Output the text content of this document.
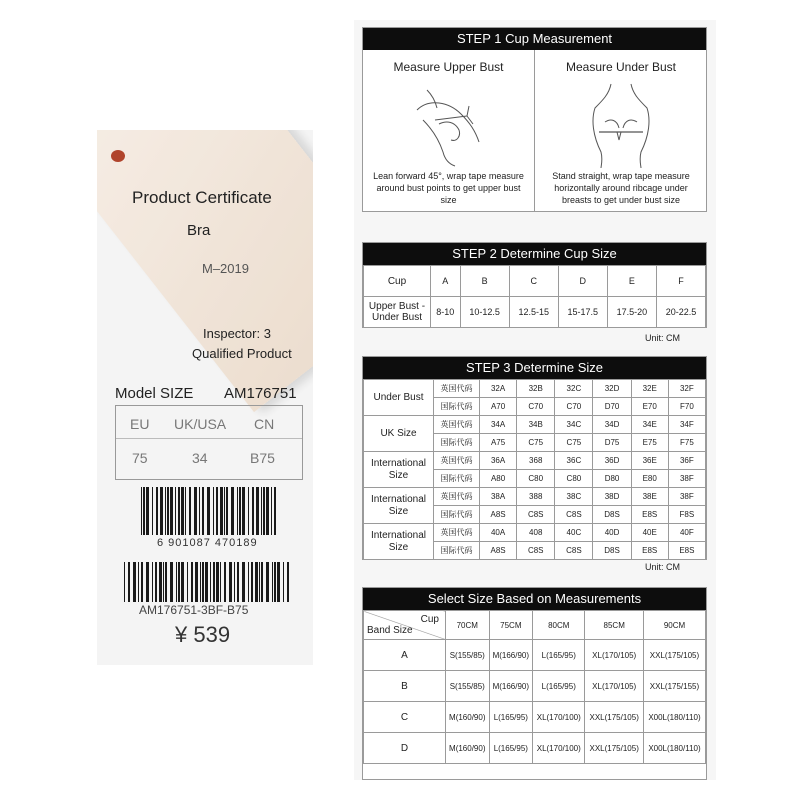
Product Certificate
Bra
M–2019
Inspector: 3
Qualified Product
Model SIZE AM176751
EU UK/USA CN
75	34	B75
6 901087 470189
AM176751-3BF-B75
¥ 539
STEP 1 Cup Measurement
Measure Upper Bust
Lean forward 45°, wrap tape measure around bust points to get upper bust size
Measure Under Bust
Stand straight, wrap tape measure horizontally around ribcage under breasts to get under bust size
STEP 2 Determine Cup Size
Cup	A	B	C	D	E	F
Upper Bust - Under Bust	8-10	10-12.5	12.5-15	15-17.5	17.5-20	20-22.5
Unit: CM
STEP 3 Determine Size
Under Bust	英国代码	32A	32B	32C	32D	32E	32F
	国际代码	A70	C70	C70	D70	E70	F70
UK Size	英国代码	34A	34B	34C	34D	34E	34F
	国际代码	A75	C75	C75	D75	E75	F75
International Size	英国代码	36A	368	36C	36D	36E	36F
	国际代码	A80	C80	C80	D80	E80	38F
International Size	英国代码	38A	388	38C	38D	38E	38F
	国际代码	A8S	C8S	C8S	D8S	E8S	F8S
International Size	英国代码	40A	408	40C	40D	40E	40F
	国际代码	A8S	C8S	C8S	D8S	E8S	E8S
Unit: CM
Select Size Based on Measurements
Cup
Band Size	70CM	75CM	80CM	85CM	90CM
A	S(155/85)	M(166/90)	L(165/95)	XL(170/105)	XXL(175/105)
B	S(155/85)	M(166/90)	L(165/95)	XL(170/105)	XXL(175/155)
C	M(160/90)	L(165/95)	XL(170/100)	XXL(175/105)	X00L(180/110)
D	M(160/90)	L(165/95)	XL(170/100)	XXL(175/105)	X00L(180/110)
